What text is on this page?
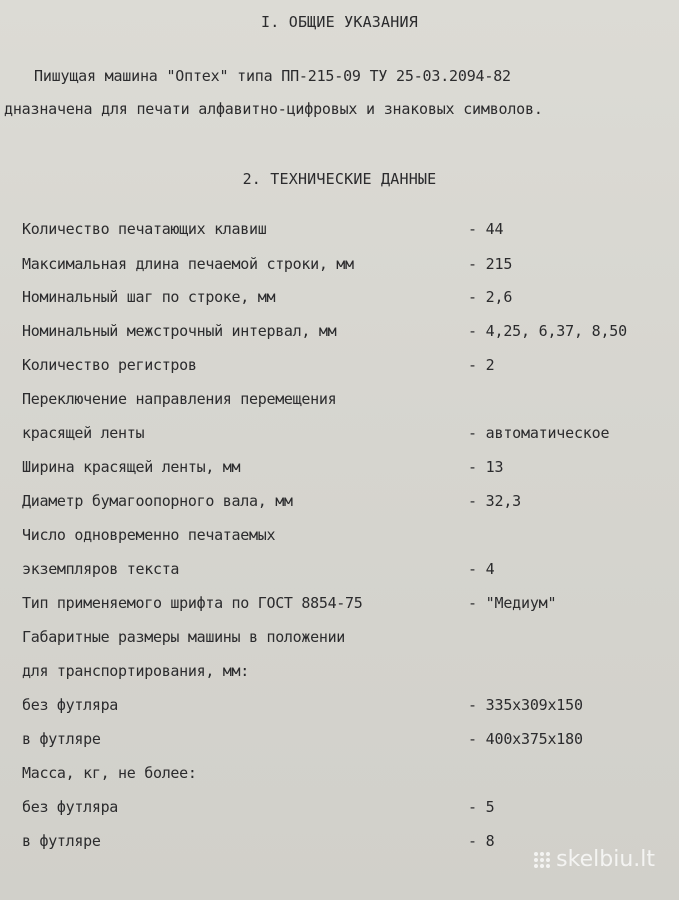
I. ОБЩИЕ УКАЗАНИЯ
Пишущая машина "Оптех" типа ПП-215-09 ТУ 25-03.2094-82
дназначена для печати алфавитно-цифровых и знаковых символов.
2. ТЕХНИЧЕСКИЕ ДАННЫЕ
Количество печатающих клавиш	- 44
Максимальная длина печаемой строки, мм	- 215
Номинальный шаг по строке, мм	- 2,6
Номинальный межстрочный интервал, мм	- 4,25, 6,37, 8,50
Количество регистров	- 2
Переключение направления перемещения
красящей ленты	- автоматическое
Ширина красящей ленты, мм	- 13
Диаметр бумагоопорного вала, мм	- 32,3
Число одновременно печатаемых
экземпляров текста	- 4
Тип применяемого шрифта по ГОСТ 8854-75	- "Медиум"
Габаритные размеры машины в положении
для транспортирования, мм:
без футляра	- 335x309x150
в футляре	- 400x375x180
Масса, кг, не более:
без футляра	- 5
в футляре	- 8
skelbiu.lt
